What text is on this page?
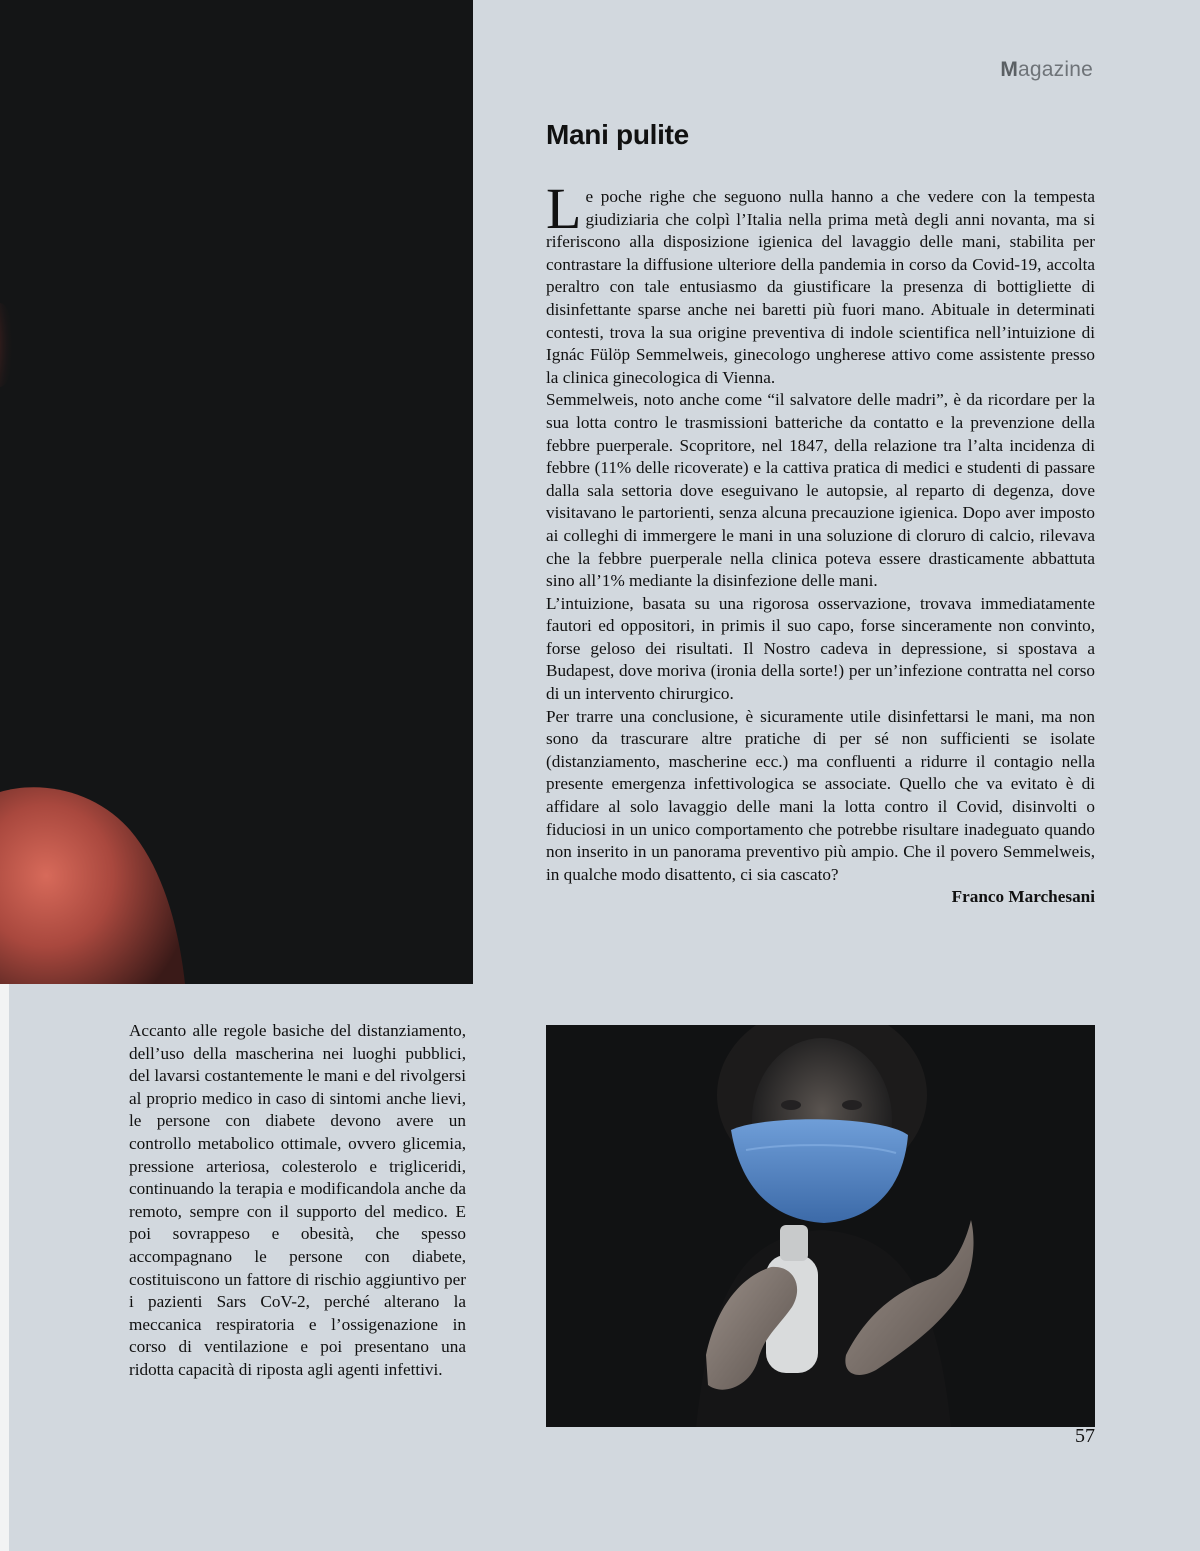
Magazine
Mani pulite

Le poche righe che seguono nulla hanno a che vedere con la tempesta giudiziaria che colpì l’Italia nella prima metà degli anni novanta, ma si riferiscono alla disposizione igienica del lavaggio delle mani, stabilita per contrastare la diffusione ulteriore della pandemia in corso da Covid-19, accolta peraltro con tale entusiasmo da giustificare la presenza di bottigliette di disinfettante sparse anche nei baretti più fuori mano. Abituale in determinati contesti, trova la sua origine preventiva di indole scientifica nell’intuizione di Ignác Fülöp Semmelweis, ginecologo ungherese attivo come assistente presso la clinica ginecologica di Vienna.

Semmelweis, noto anche come “il salvatore delle madri”, è da ricordare per la sua lotta contro le trasmissioni batteriche da contatto e la prevenzione della febbre puerperale. Scopritore, nel 1847, della relazione tra l’alta incidenza di febbre (11% delle ricoverate) e la cattiva pratica di medici e studenti di passare dalla sala settoria dove eseguivano le autopsie, al reparto di degenza, dove visitavano le partorienti, senza alcuna precauzione igienica. Dopo aver imposto ai colleghi di immergere le mani in una soluzione di cloruro di calcio, rilevava che la febbre puerperale nella clinica poteva essere drasticamente abbattuta sino all’1% mediante la disinfezione delle mani.

L’intuizione, basata su una rigorosa osservazione, trovava immediatamente fautori ed oppositori, in primis il suo capo, forse sinceramente non convinto, forse geloso dei risultati. Il Nostro cadeva in depressione, si spostava a Budapest, dove moriva (ironia della sorte!) per un’infezione contratta nel corso di un intervento chirurgico.

Per trarre una conclusione, è sicuramente utile disinfettarsi le mani, ma non sono da trascurare altre pratiche di per sé non sufficienti se isolate (distanziamento, mascherine ecc.) ma confluenti a ridurre il contagio nella presente emergenza infettivologica se associate. Quello che va evitato è di affidare al solo lavaggio delle mani la lotta contro il Covid, disinvolti o fiduciosi in un unico comportamento che potrebbe risultare inadeguato quando non inserito in un panorama preventivo più ampio. Che il povero Semmelweis, in qualche modo disattento, ci sia cascato?

Franco Marchesani

Accanto alle regole basiche del distanziamento, dell’uso della mascherina nei luoghi pubblici, del lavarsi costantemente le mani e del rivolgersi al proprio medico in caso di sintomi anche lievi, le persone con diabete devono avere un controllo metabolico ottimale, ovvero glicemia, pressione arteriosa, colesterolo e trigliceridi, continuando la terapia e modificandola anche da remoto, sempre con il supporto del medico. E poi sovrappeso e obesità, che spesso accompagnano le persone con diabete, costituiscono un fattore di rischio aggiuntivo per i pazienti Sars CoV-2, perché alterano la meccanica respiratoria e l’ossigenazione in corso di ventilazione e poi presentano una ridotta capacità di riposta agli agenti infettivi.

57
